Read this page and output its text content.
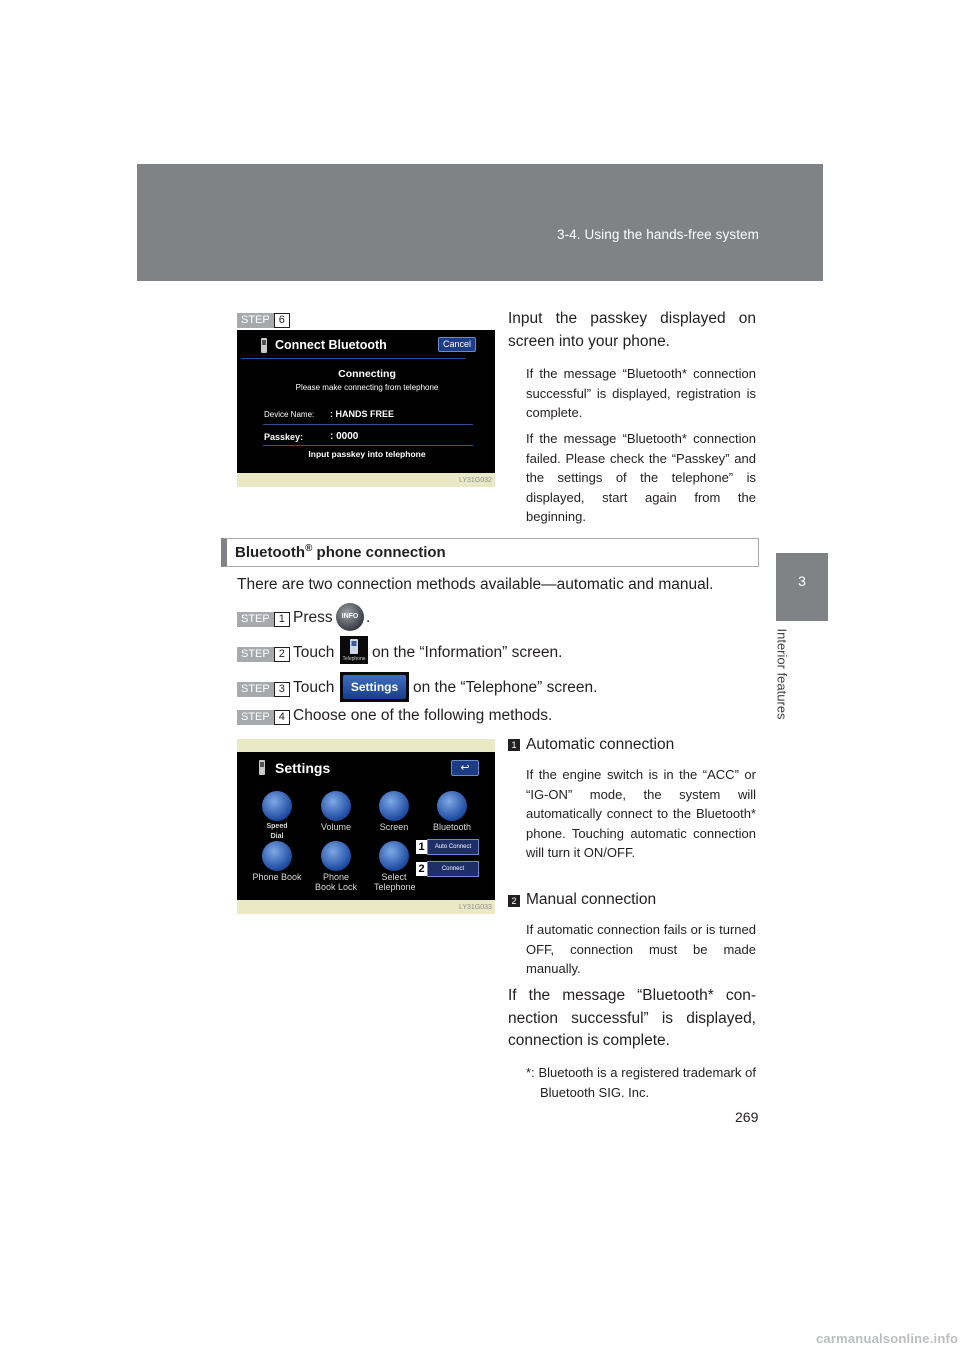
3-4. Using the hands-free system
3
Interior features
STEP 6
Connect Bluetooth	Cancel
Connecting
Please make connecting from telephone
Device Name: : HANDS FREE
Passkey:	: 0000
Input passkey into telephone
LY31G032
Input the passkey displayed on screen into your phone.
If the message “Bluetooth* connection successful” is displayed, registration is complete.
If the message “Bluetooth* connection failed. Please check the “Passkey” and the settings of the telephone” is displayed, start again from the beginning.
Bluetooth® phone connection
There are two connection methods available—automatic and manual.
STEP 1 Press	INFO .
STEP 2 Touch	Telephone on the “Information” screen.
STEP 3 Touch	Settings on the “Telephone” screen.
STEP 4 Choose one of the following methods.
Settings	↩
Speed Dial
Volume	Screen	Bluetooth
Phone Book	Phone Book Lock
Select Telephone
1	Auto Connect
2	Connect
LY31G033
1 Automatic connection
If the engine switch is in the “ACC” or “IG-ON” mode, the system will automatically connect to the Bluetooth* phone. Touching automatic connection will turn it ON/OFF.
2 Manual connection
If automatic connection fails or is turned OFF, connection must be made manually.
If the message “Bluetooth* connection successful” is displayed, connection is complete.
*: Bluetooth is a registered trademark of Bluetooth SIG. Inc.
269
carmanualsonline.info
